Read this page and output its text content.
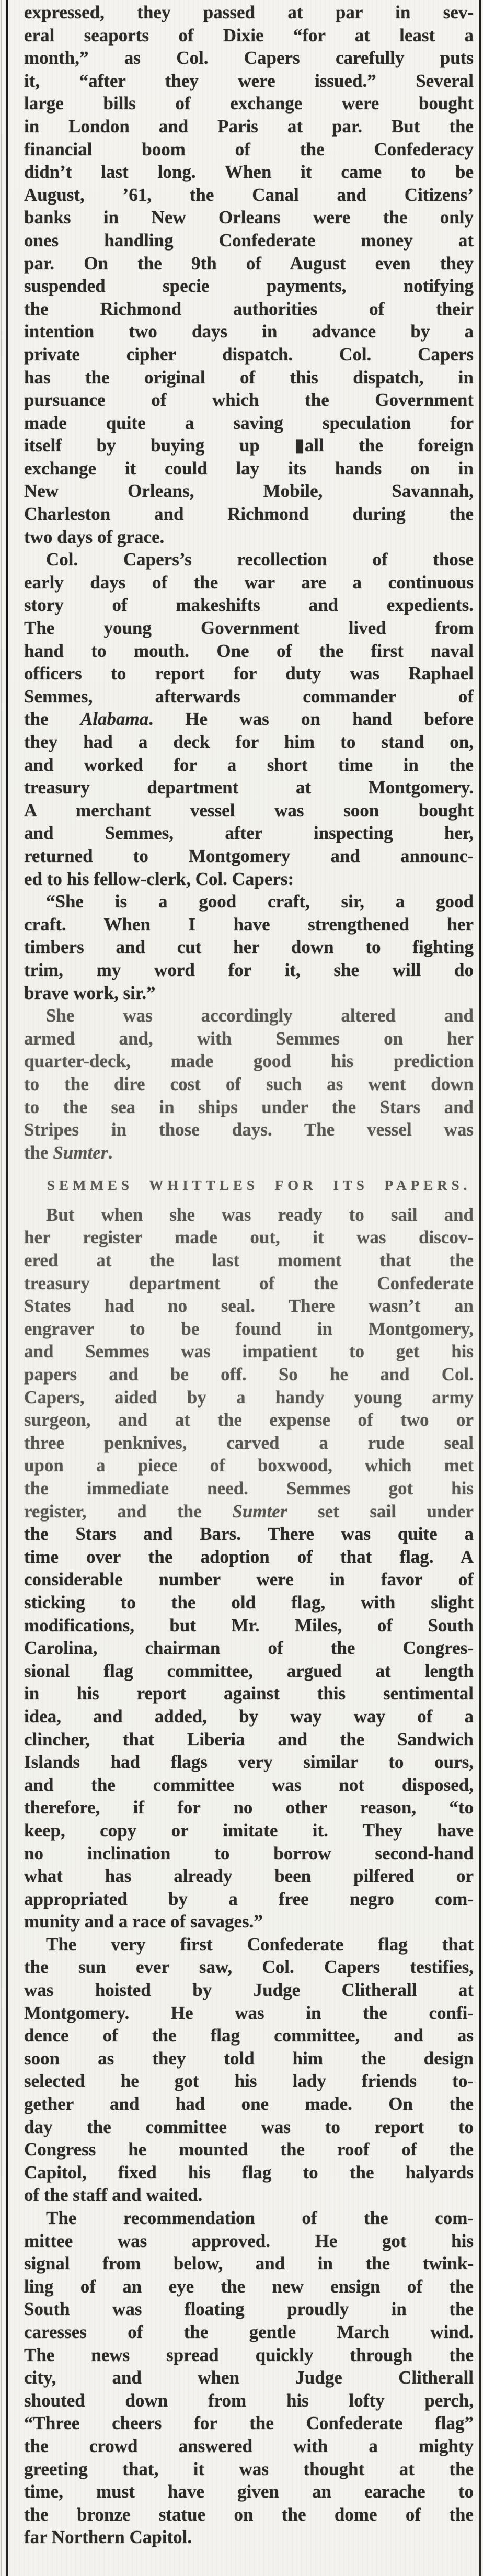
expressed, they passed at par in sev-
eral seaports of Dixie “for at least a
month,” as Col. Capers carefully puts
it, “after they were issued.” Several
large bills of exchange were bought
in London and Paris at par. But the
financial boom of the Confederacy
didn’t last long. When it came to be
August, ’61, the Canal and Citizens’
banks in New Orleans were the only
ones handling Confederate money at
par. On the 9th of August even they
suspended specie payments, notifying
the Richmond authorities of their
intention two days in advance by a
private cipher dispatch. Col. Capers
has the original of this dispatch, in
pursuance of which the Government
made quite a saving speculation for
itself by buying up ▮all the foreign
exchange it could lay its hands on in
New Orleans, Mobile, Savannah,
Charleston and Richmond during the
two days of grace.
Col. Capers’s recollection of those
early days of the war are a continuous
story of makeshifts and expedients.
The young Government lived from
hand to mouth. One of the first naval
officers to report for duty was Raphael
Semmes, afterwards commander of
the Alabama. He was on hand before
they had a deck for him to stand on,
and worked for a short time in the
treasury department at Montgomery.
A merchant vessel was soon bought
and Semmes, after inspecting her,
returned to Montgomery and announc-
ed to his fellow-clerk, Col. Capers:
“She is a good craft, sir, a good
craft. When I have strengthened her
timbers and cut her down to fighting
trim, my word for it, she will do
brave work, sir.”
She was accordingly altered and
armed and, with Semmes on her
quarter-deck, made good his prediction
to the dire cost of such as went down
to the sea in ships under the Stars and
Stripes in those days. The vessel was
the Sumter.
SEMMES WHITTLES FOR ITS PAPERS.
But when she was ready to sail and
her register made out, it was discov-
ered at the last moment that the
treasury department of the Confederate
States had no seal. There wasn’t an
engraver to be found in Montgomery,
and Semmes was impatient to get his
papers and be off. So he and Col.
Capers, aided by a handy young army
surgeon, and at the expense of two or
three penknives, carved a rude seal
upon a piece of boxwood, which met
the immediate need. Semmes got his
register, and the Sumter set sail under
the Stars and Bars. There was quite a
time over the adoption of that flag. A
considerable number were in favor of
sticking to the old flag, with slight
modifications, but Mr. Miles, of South
Carolina, chairman of the Congres-
sional flag committee, argued at length
in his report against this sentimental
idea, and added, by way way of a
clincher, that Liberia and the Sandwich
Islands had flags very similar to ours,
and the committee was not disposed,
therefore, if for no other reason, “to
keep, copy or imitate it. They have
no inclination to borrow second-hand
what has already been pilfered or
appropriated by a free negro com-
munity and a race of savages.”
The very first Confederate flag that
the sun ever saw, Col. Capers testifies,
was hoisted by Judge Clitherall at
Montgomery. He was in the confi-
dence of the flag committee, and as
soon as they told him the design
selected he got his lady friends to-
gether and had one made. On the
day the committee was to report to
Congress he mounted the roof of the
Capitol, fixed his flag to the halyards
of the staff and waited.
The recommendation of the com-
mittee was approved. He got his
signal from below, and in the twink-
ling of an eye the new ensign of the
South was floating proudly in the
caresses of the gentle March wind.
The news spread quickly through the
city, and when Judge Clitherall
shouted down from his lofty perch,
“Three cheers for the Confederate flag”
the crowd answered with a mighty
greeting that, it was thought at the
time, must have given an earache to
the bronze statue on the dome of the
far Northern Capitol.
